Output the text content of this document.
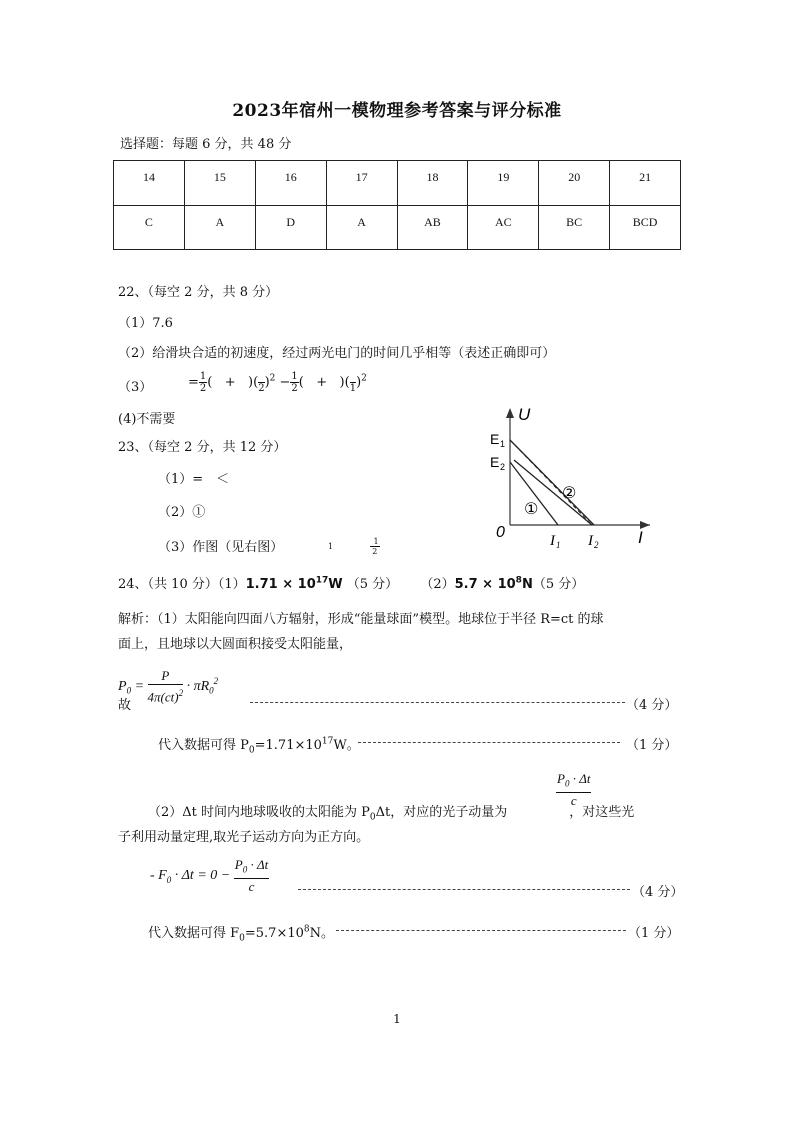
2023年宿州一模物理参考答案与评分标准
选择题：每题 6 分，共 48 分
14	15	16	17	18	19	20	21
C	A	D	A	AB	AC	BC	BCD
22、（每空 2 分，共 8 分）
（1）7.6
（2）给滑块合适的初速度，经过两光电门的时间几乎相等（表述正确即可）
（3）	= $\frac{1}{2}$ (   +   )(
2 )$^2 - \frac{1}{2}$ (   +   )(
1 )$^2$
(4)不需要
23、（每空 2 分，共 12 分）
（1）=　＜
（2）①
（3）作图（见右图）	1	$\frac{1}{2}$
U
I
0
E 1
E 2
I 1 I 2
①
②
24、（共 10 分）$(1)1.71 \times 10^{17}W$ （5 分） $(2)5.7 \times 10^8N(5$ 分）
解析：（1）太阳能向四面八方辐射，形成“能量球面”模型。地球位于半径 R=ct 的球
面上，且地球以大圆面积接受太阳能量，
$P_0 = \frac{P}{4\pi(ct)^2} \cdot \pi R_0^2$
故	（4 分）
代入数据可得 $P_0=1.71\times 10^{17}W$。	（1 分）
$\frac{P_0 \cdot \Delta t}{c}$
（2）Δt 时间内地球吸收的太阳能为 $P_0\Delta t$，对应的光子动量为	，对这些光
子利用动量定理,取光子运动方向为正方向。
- $F_0 \cdot \Delta t = 0 - \frac{P_0 \cdot \Delta t}{c}$	（4 分）
代入数据可得 $F_0=5.7\times 10^8N$。	（1 分）
1
